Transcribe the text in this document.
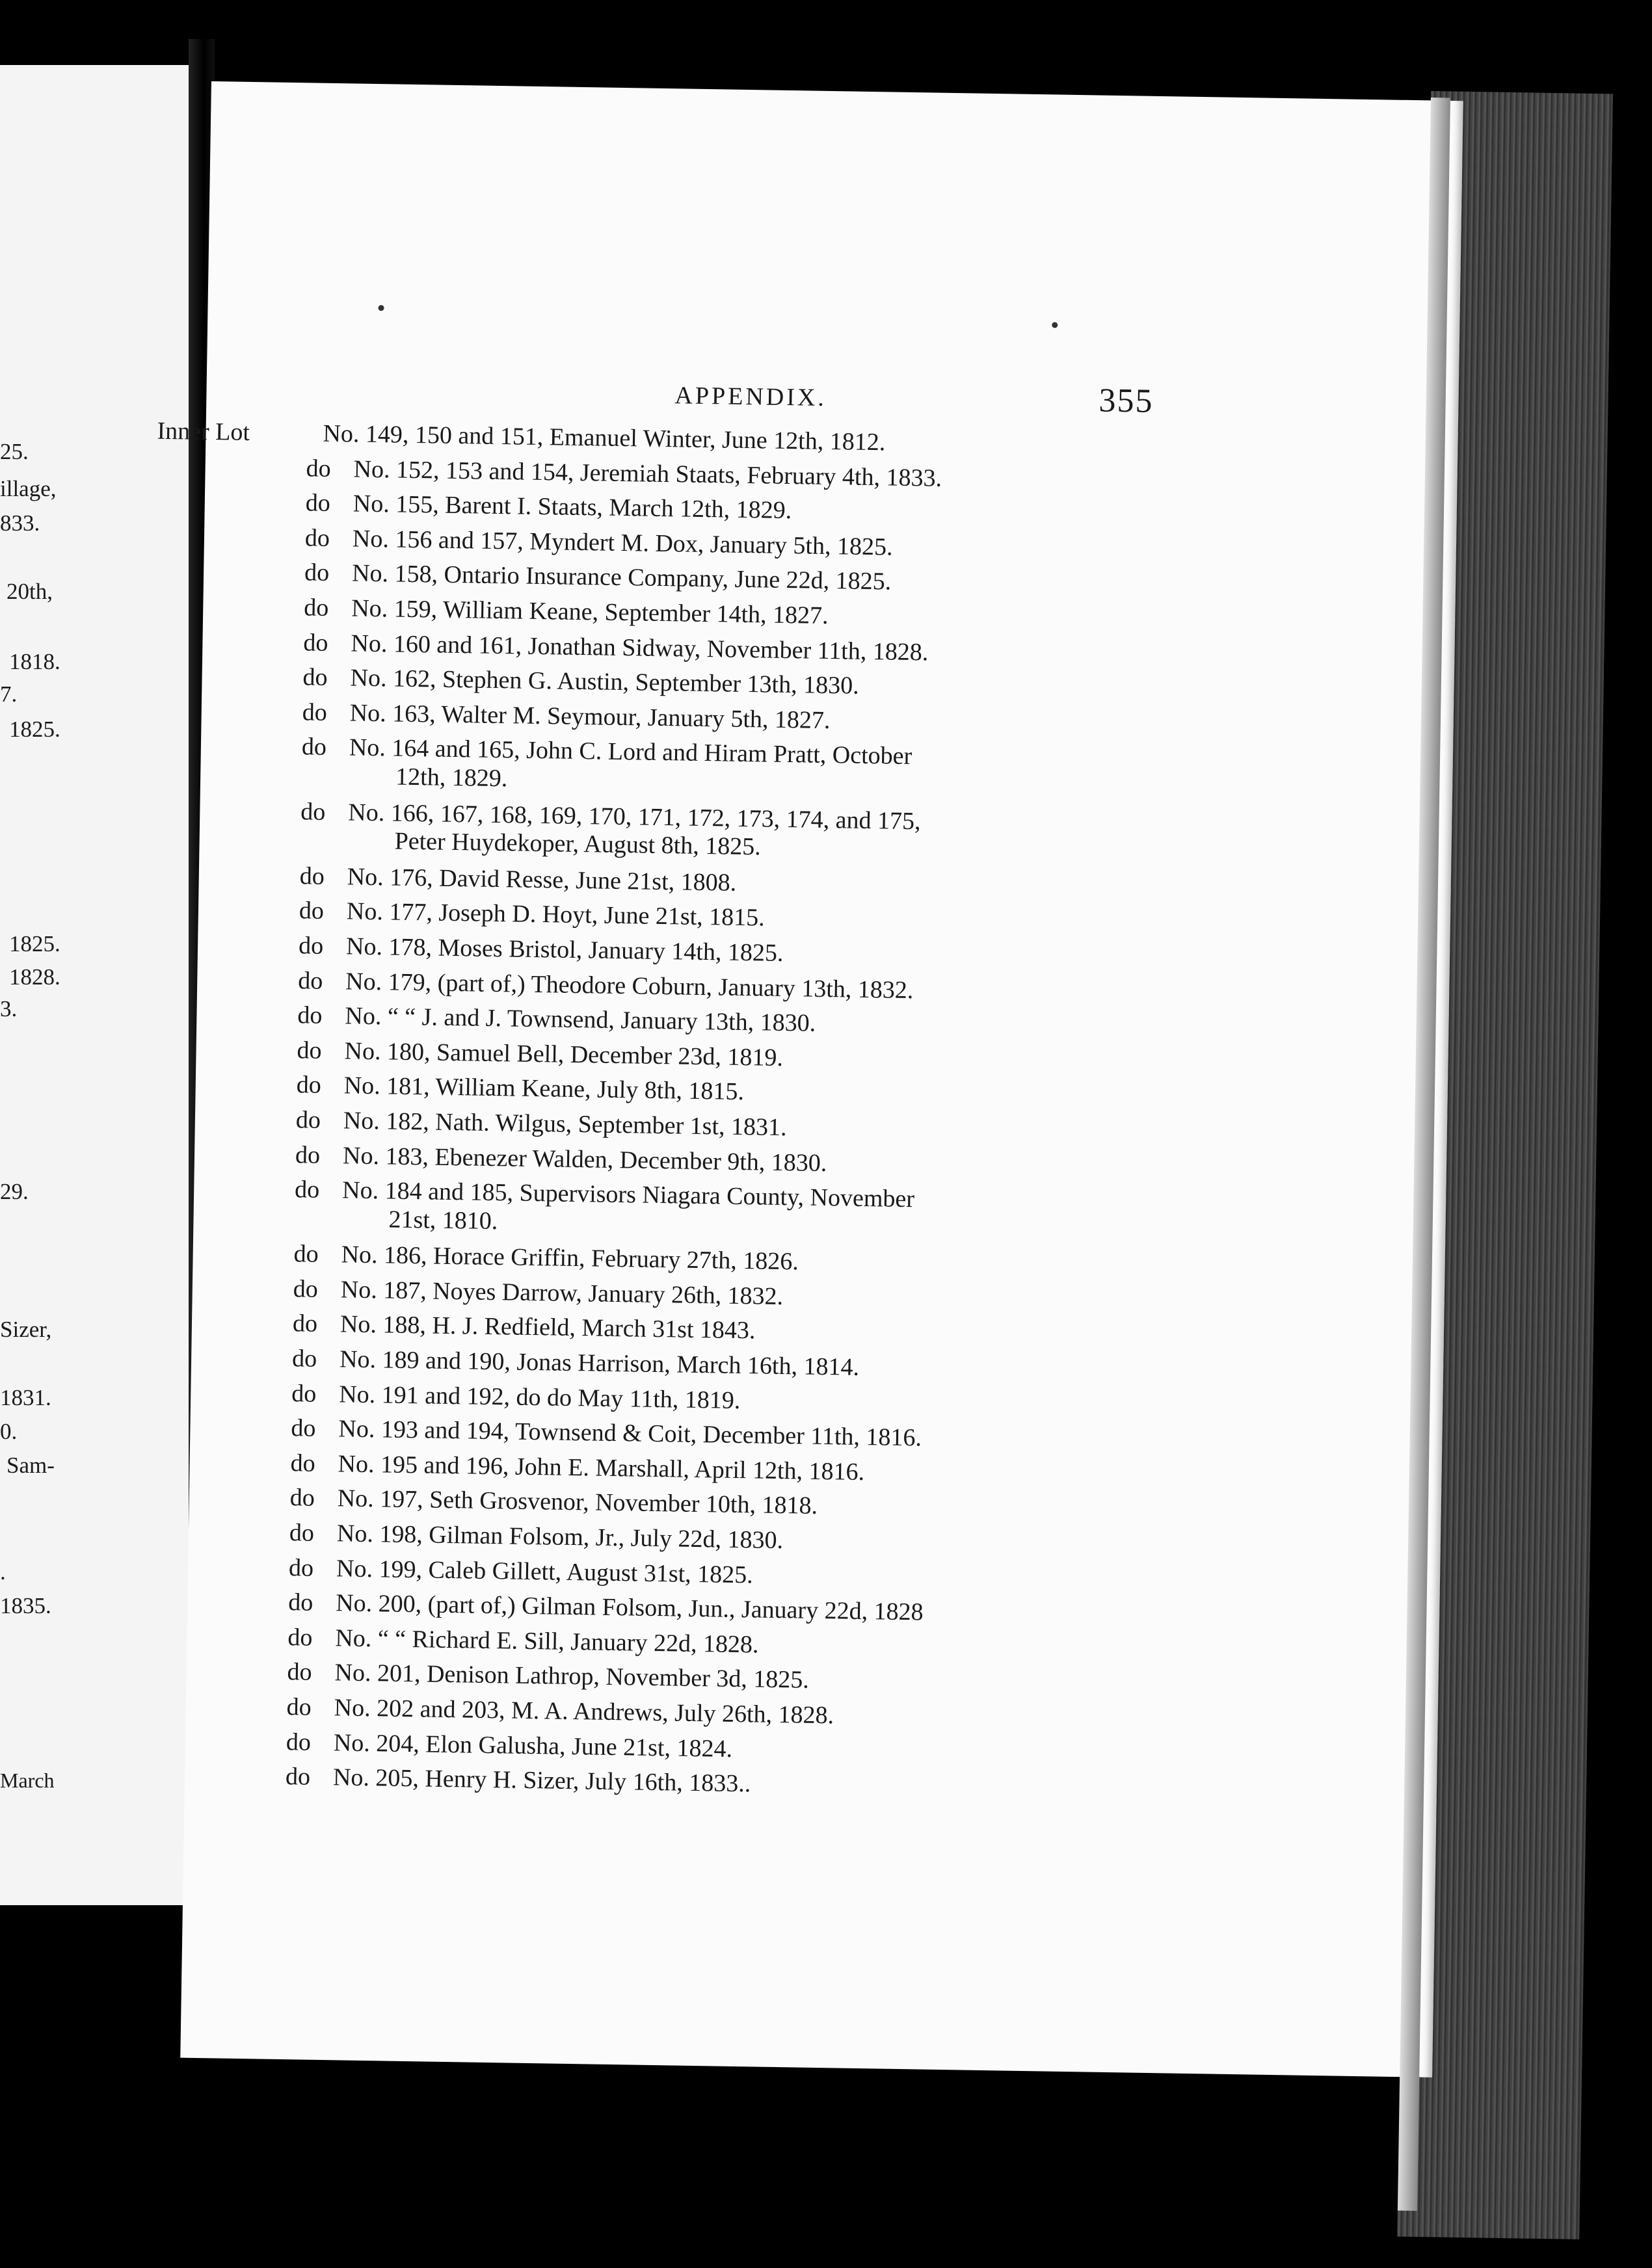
25.
illage,
833.
20th,
1818.
7.
1825.
1825.
1828.
3.
29.
Sizer,
1831.
0.
Sam-
.
1835.
March
APPENDIX.	355
Inner Lot	No. 149, 150 and 151, Emanuel Winter, June 12th, 1812.
do No. 152, 153 and 154, Jeremiah Staats, February 4th, 1833.
do No. 155, Barent I. Staats, March 12th, 1829.
do No. 156 and 157, Myndert M. Dox, January 5th, 1825.
do No. 158, Ontario Insurance Company, June 22d, 1825.
do No. 159, William Keane, September 14th, 1827.
do No. 160 and 161, Jonathan Sidway, November 11th, 1828.
do No. 162, Stephen G. Austin, September 13th, 1830.
do No. 163, Walter M. Seymour, January 5th, 1827.
do No. 164 and 165, John C. Lord and Hiram Pratt, October
12th, 1829.
do No. 166, 167, 168, 169, 170, 171, 172, 173, 174, and 175,
Peter Huydekoper, August 8th, 1825.
do No. 176, David Resse, June 21st, 1808.
do No. 177, Joseph D. Hoyt, June 21st, 1815.
do No. 178, Moses Bristol, January 14th, 1825.
do No. 179, (part of,) Theodore Coburn, January 13th, 1832.
do No. “ “ J. and J. Townsend, January 13th, 1830.
do No. 180, Samuel Bell, December 23d, 1819.
do No. 181, William Keane, July 8th, 1815.
do No. 182, Nath. Wilgus, September 1st, 1831.
do No. 183, Ebenezer Walden, December 9th, 1830.
do No. 184 and 185, Supervisors Niagara County, November
21st, 1810.
do No. 186, Horace Griffin, February 27th, 1826.
do No. 187, Noyes Darrow, January 26th, 1832.
do No. 188, H. J. Redfield, March 31st 1843.
do No. 189 and 190, Jonas Harrison, March 16th, 1814.
do No. 191 and 192, do do May 11th, 1819.
do No. 193 and 194, Townsend & Coit, December 11th, 1816.
do No. 195 and 196, John E. Marshall, April 12th, 1816.
do No. 197, Seth Grosvenor, November 10th, 1818.
do No. 198, Gilman Folsom, Jr., July 22d, 1830.
do No. 199, Caleb Gillett, August 31st, 1825.
do No. 200, (part of,) Gilman Folsom, Jun., January 22d, 1828
do No. “ “ Richard E. Sill, January 22d, 1828.
do No. 201, Denison Lathrop, November 3d, 1825.
do No. 202 and 203, M. A. Andrews, July 26th, 1828.
do No. 204, Elon Galusha, June 21st, 1824.
do No. 205, Henry H. Sizer, July 16th, 1833..
